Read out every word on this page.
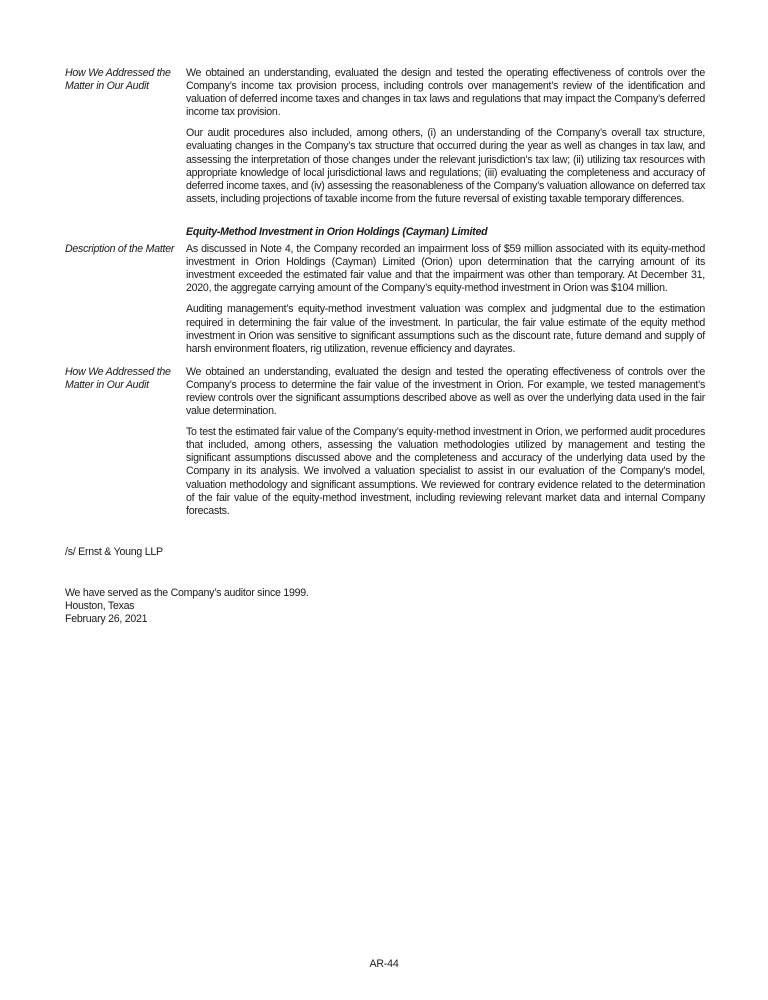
How We Addressed the Matter in Our Audit

We obtained an understanding, evaluated the design and tested the operating effectiveness of controls over the Company’s income tax provision process, including controls over management’s review of the identification and valuation of deferred income taxes and changes in tax laws and regulations that may impact the Company’s deferred income tax provision.

Our audit procedures also included, among others, (i) an understanding of the Company’s overall tax structure, evaluating changes in the Company’s tax structure that occurred during the year as well as changes in tax law, and assessing the interpretation of those changes under the relevant jurisdiction’s tax law; (ii) utilizing tax resources with appropriate knowledge of local jurisdictional laws and regulations; (iii) evaluating the completeness and accuracy of deferred income taxes, and (iv) assessing the reasonableness of the Company’s valuation allowance on deferred tax assets, including projections of taxable income from the future reversal of existing taxable temporary differences.

Equity-Method Investment in Orion Holdings (Cayman) Limited
Description of the Matter	As discussed in Note 4, the Company recorded an impairment loss of $59 million associated with its equity-method investment in Orion Holdings (Cayman) Limited (Orion) upon determination that the carrying amount of its investment exceeded the estimated fair value and that the impairment was other than temporary. At December 31, 2020, the aggregate carrying amount of the Company’s equity-method investment in Orion was $104 million.

Auditing management’s equity-method investment valuation was complex and judgmental due to the estimation required in determining the fair value of the investment. In particular, the fair value estimate of the equity method investment in Orion was sensitive to significant assumptions such as the discount rate, future demand and supply of harsh environment floaters, rig utilization, revenue efficiency and dayrates.

How We Addressed the Matter in Our Audit

We obtained an understanding, evaluated the design and tested the operating effectiveness of controls over the Company’s process to determine the fair value of the investment in Orion. For example, we tested management’s review controls over the significant assumptions described above as well as over the underlying data used in the fair value determination.

To test the estimated fair value of the Company’s equity-method investment in Orion, we performed audit procedures that included, among others, assessing the valuation methodologies utilized by management and testing the significant assumptions discussed above and the completeness and accuracy of the underlying data used by the Company in its analysis. We involved a valuation specialist to assist in our evaluation of the Company's model, valuation methodology and significant assumptions. We reviewed for contrary evidence related to the determination of the fair value of the equity-method investment, including reviewing relevant market data and internal Company forecasts.

/s/ Ernst & Young LLP
We have served as the Company’s auditor since 1999.
Houston, Texas
February 26, 2021
AR-44
